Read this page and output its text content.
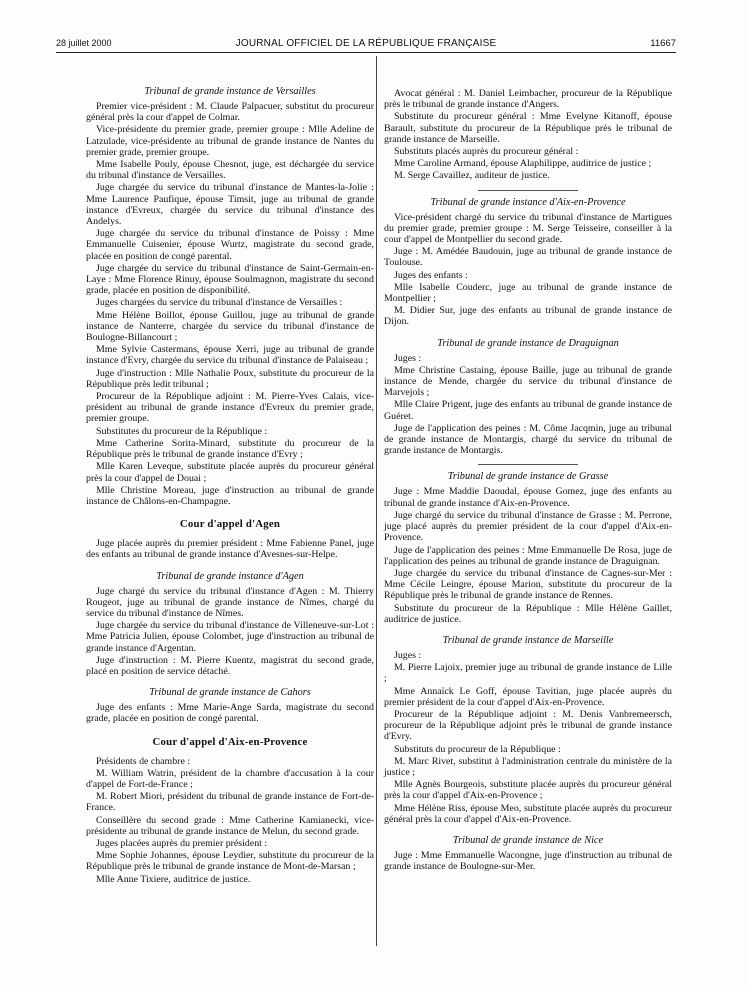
28 juillet 2000	JOURNAL OFFICIEL DE LA RÉPUBLIQUE FRANÇAISE	11667
Tribunal de grande instance de Versailles

Premier vice-président : M. Claude Palpacuer, substitut du procureur général près la cour d'appel de Colmar.

Vice-présidente du premier grade, premier groupe : Mlle Adeline de Latzulade, vice-présidente au tribunal de grande instance de Nantes du premier grade, premier groupe.

Mme Isabelle Pouly, épouse Chesnot, juge, est déchargée du service du tribunal d'instance de Versailles.

Juge chargée du service du tribunal d'instance de Mantes-la-Jolie : Mme Laurence Paufique, épouse Timsit, juge au tribunal de grande instance d'Evreux, chargée du service du tribunal d'instance des Andelys.

Juge chargée du service du tribunal d'instance de Poissy : Mme Emmanuelle Cuisenier, épouse Wurtz, magistrate du second grade, placée en position de congé parental.

Juge chargée du service du tribunal d'instance de Saint-Germain-en-Laye : Mme Florence Rinuy, épouse Soulmagnon, magistrate du second grade, placée en position de disponibilité.

Juges chargées du service du tribunal d'instance de Versailles :

Mme Hélène Boillot, épouse Guillou, juge au tribunal de grande instance de Nanterre, chargée du service du tribunal d'instance de Boulogne-Billancourt ;

Mme Sylvie Castermans, épouse Xerri, juge au tribunal de grande instance d'Evry, chargée du service du tribunal d'instance de Palaiseau ;

Juge d'instruction : Mlle Nathalie Poux, substitute du procureur de la République près ledit tribunal ;

Procureur de la République adjoint : M. Pierre-Yves Calais, vice-président au tribunal de grande instance d'Evreux du premier grade, premier groupe.

Substitutes du procureur de la République :

Mme Catherine Sorita-Minard, substitute du procureur de la République près le tribunal de grande instance d'Evry ;

Mlle Karen Leveque, substitute placée auprès du procureur général près la cour d'appel de Douai ;

Mlle Christine Moreau, juge d'instruction au tribunal de grande instance de Châlons-en-Champagne.

Cour d'appel d'Agen

Juge placée auprès du premier président : Mme Fabienne Panel, juge des enfants au tribunal de grande instance d'Avesnes-sur-Helpe.

Tribunal de grande instance d'Agen

Juge chargé du service du tribunal d'instance d'Agen : M. Thierry Rougeot, juge au tribunal de grande instance de Nîmes, chargé du service du tribunal d'instance de Nîmes.

Juge chargée du service du tribunal d'instance de Villeneuve-sur-Lot : Mme Patricia Julien, épouse Colombet, juge d'instruction au tribunal de grande instance d'Argentan.

Juge d'instruction : M. Pierre Kuentz, magistrat du second grade, placé en position de service détaché.

Tribunal de grande instance de Cahors

Juge des enfants : Mme Marie-Ange Sarda, magistrate du second grade, placée en position de congé parental.

Cour d'appel d'Aix-en-Provence

Présidents de chambre :

M. William Watrin, président de la chambre d'accusation à la cour d'appel de Fort-de-France ;

M. Robert Miori, président du tribunal de grande instance de Fort-de-France.

Conseillère du second grade : Mme Catherine Kamianecki, vice-présidente au tribunal de grande instance de Melun, du second grade.

Juges placées auprès du premier président :

Mme Sophie Johannes, épouse Leydier, substitute du procureur de la République près le tribunal de grande instance de Mont-de-Marsan ;

Mlle Anne Tixiere, auditrice de justice.

Avocat général : M. Daniel Leimbacher, procureur de la République près le tribunal de grande instance d'Angers.

Substitute du procureur général : Mme Evelyne Kitanoff, épouse Barault, substitute du procureur de la République près le tribunal de grande instance de Marseille.

Substituts placés auprès du procureur général :

Mme Caroline Armand, épouse Alaphilippe, auditrice de justice ;

M. Serge Cavaillez, auditeur de justice.

Tribunal de grande instance d'Aix-en-Provence

Vice-président chargé du service du tribunal d'instance de Martigues du premier grade, premier groupe : M. Serge Teisseire, conseiller à la cour d'appel de Montpellier du second grade.

Juge : M. Amédée Baudouin, juge au tribunal de grande instance de Toulouse.

Juges des enfants :

Mlle Isabelle Couderc, juge au tribunal de grande instance de Montpellier ;

M. Didier Sur, juge des enfants au tribunal de grande instance de Dijon.

Tribunal de grande instance de Draguignan

Juges :

Mme Christine Castaing, épouse Baille, juge au tribunal de grande instance de Mende, chargée du service du tribunal d'instance de Marvejols ;

Mlle Claire Prigent, juge des enfants au tribunal de grande instance de Guéret.

Juge de l'application des peines : M. Côme Jacqmin, juge au tribunal de grande instance de Montargis, chargé du service du tribunal de grande instance de Montargis.

Tribunal de grande instance de Grasse

Juge : Mme Maddie Daoudal, épouse Gomez, juge des enfants au tribunal de grande instance d'Aix-en-Provence.

Juge chargé du service du tribunal d'instance de Grasse : M. Perrone, juge placé auprès du premier président de la cour d'appel d'Aix-en-Provence.

Juge de l'application des peines : Mme Emmanuelle De Rosa, juge de l'application des peines au tribunal de grande instance de Draguignan.

Juge chargée du service du tribunal d'instance de Cagnes-sur-Mer : Mme Cécile Leingre, épouse Marion, substitute du procureur de la République près le tribunal de grande instance de Rennes.

Substitute du procureur de la République : Mlle Hélène Gaillet, auditrice de justice.

Tribunal de grande instance de Marseille

Juges :

M. Pierre Lajoix, premier juge au tribunal de grande instance de Lille ;

Mme Annaïck Le Goff, épouse Tavitian, juge placée auprès du premier président de la cour d'appel d'Aix-en-Provence.

Procureur de la République adjoint : M. Denis Vanbremeersch, procureur de la République adjoint près le tribunal de grande instance d'Evry.

Substituts du procureur de la République :

M. Marc Rivet, substitut à l'administration centrale du ministère de la justice ;

Mlle Agnès Bourgeois, substitute placée auprès du procureur général près la cour d'appel d'Aix-en-Provence ;

Mme Hélène Riss, épouse Meo, substitute placée auprès du procureur général près la cour d'appel d'Aix-en-Provence.

Tribunal de grande instance de Nice

Juge : Mme Emmanuelle Wacongne, juge d'instruction au tribunal de grande instance de Boulogne-sur-Mer.
